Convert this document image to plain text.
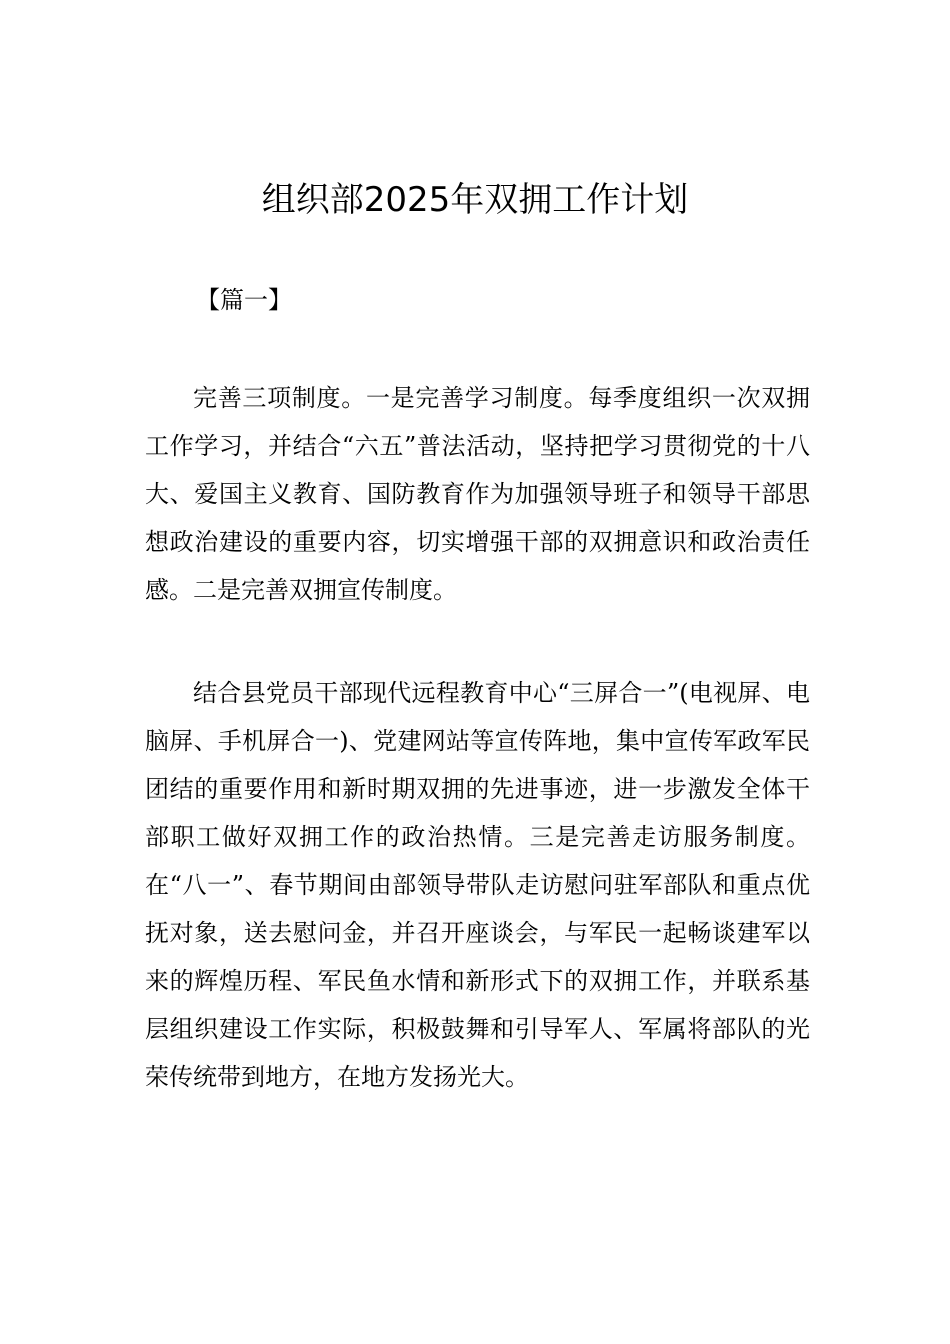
组织部2025年双拥工作计划

【篇一】

完善三项制度。一是完善学习制度。每季度组织一次双拥工作学习，并结合“六五”普法活动，坚持把学习贯彻党的十八大、爱国主义教育、国防教育作为加强领导班子和领导干部思想政治建设的重要内容，切实增强干部的双拥意识和政治责任感。二是完善双拥宣传制度。

结合县党员干部现代远程教育中心“三屏合一”(电视屏、电脑屏、手机屏合一)、党建网站等宣传阵地，集中宣传军政军民团结的重要作用和新时期双拥的先进事迹，进一步激发全体干部职工做好双拥工作的政治热情。三是完善走访服务制度。在“八一”、春节期间由部领导带队走访慰问驻军部队和重点优抚对象，送去慰问金，并召开座谈会，与军民一起畅谈建军以来的辉煌历程、军民鱼水情和新形式下的双拥工作，并联系基层组织建设工作实际，积极鼓舞和引导军人、军属将部队的光荣传统带到地方，在地方发扬光大。
